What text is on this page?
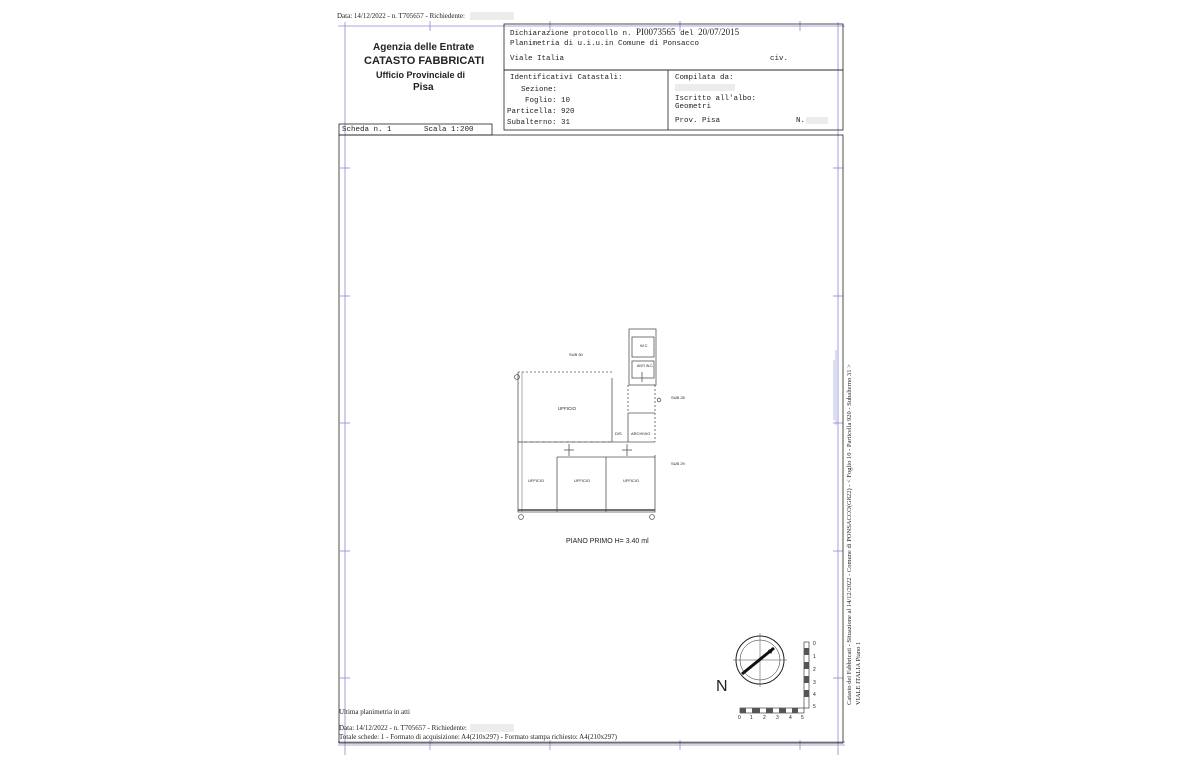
Data: 14/12/2022 - n. T705657 - Richiedente:
Agenzia delle Entrate
CATASTO FABBRICATI
Ufficio Provinciale di
Pisa
Dichiarazione protocollo n. PI0073565 del 20/07/2015
Planimetria di u.i.u.in Comune di Ponsacco
Viale Italia	civ.
Identificativi Catastali:
Sezione:
Foglio: 10
Particella: 920
Subalterno: 31
Compilata da:
Iscritto all'albo:
Geometri
Prov. Pisa	N.
Scheda n. 1	Scala 1:200
SUB 30
W.C.
ANTI W.C.
SUB 28
UFFICIO
DIS ARCHIVIO
SUB 29
UFFICIO	UFFICIO	UFFICIO
PIANO PRIMO H= 3.40 ml
N
0 1 2 3 4 5
0
1
2
3
4
5
Ultima planimetria in atti
Data: 14/12/2022 - n. T705657 - Richiedente:
Totale schede: 1 - Formato di acquisizione: A4(210x297) - Formato stampa richiesto: A4(210x297)
Catasto dei Fabbricati - Situazione al 14/12/2022 - Comune di PONSACCO(G822) - < Foglio 10 - Particella 920 - Subalterno 31 > VIALE ITALIA Piano 1
